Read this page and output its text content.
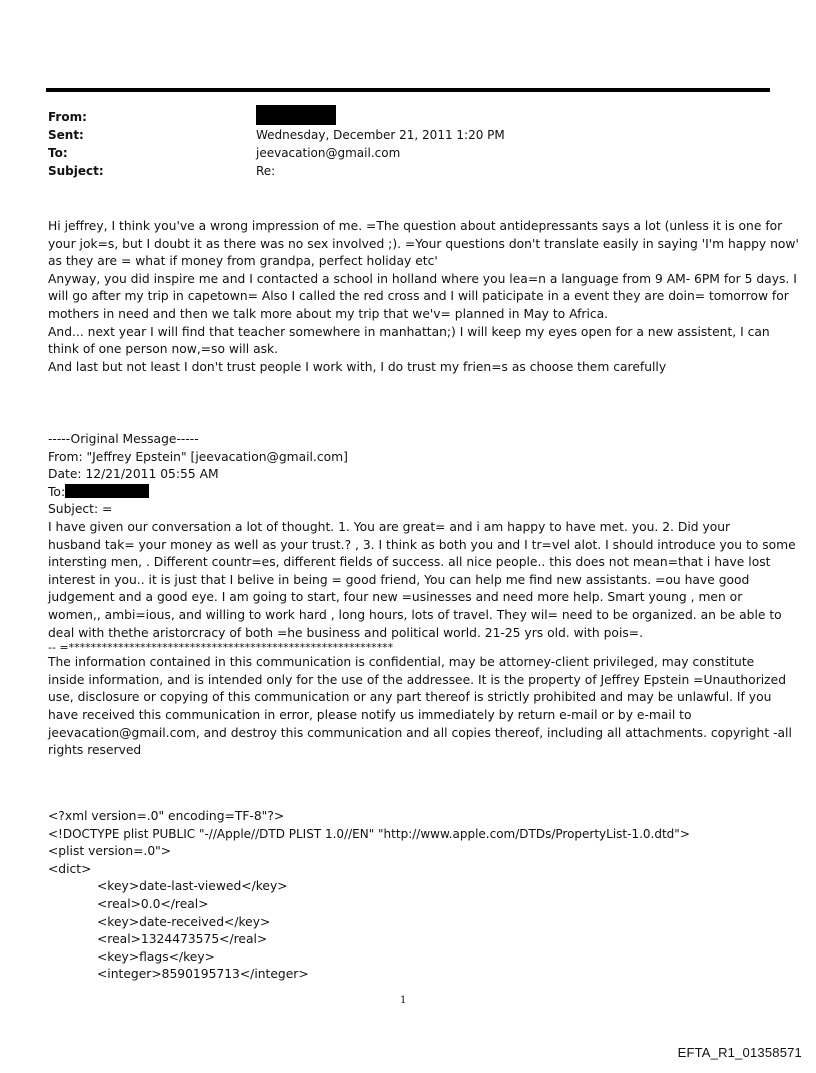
From:
Sent:	Wednesday, December 21, 2011 1:20 PM
To:	jeevacation@gmail.com
Subject:	Re:
Hi jeffrey, I think you've a wrong impression of me. =The question about antidepressants says a lot (unless it is one for
your jok=s, but I doubt it as there was no sex involved ;). =Your questions don't translate easily in saying 'I'm happy now'
as they are = what if money from grandpa, perfect holiday etc'
Anyway, you did inspire me and I contacted a school in holland where you lea=n a language from 9 AM- 6PM for 5 days. I
will go after my trip in capetown= Also I called the red cross and I will paticipate in a event they are doin= tomorrow for
mothers in need and then we talk more about my trip that we'v= planned in May to Africa.
And... next year I will find that teacher somewhere in manhattan;) I will keep my eyes open for a new assistent, I can
think of one person now,=so will ask.
And last but not least I don't trust people I work with, I do trust my frien=s as choose them carefully
-----Original Message-----
From: "Jeffrey Epstein" [jeevacation@gmail.com]
Date: 12/21/2011 05:55 AM
To:
Subject: =
I have given our conversation a lot of thought. 1. You are great= and i am happy to have met. you. 2. Did your
husband tak= your money as well as your trust.? , 3. I think as both you and I tr=vel alot. I should introduce you to some
intersting men, . Different countr=es, different fields of success. all nice people.. this does not mean=that i have lost
interest in you.. it is just that I belive in being = good friend, You can help me find new assistants. =ou have good
judgement and a good eye. I am going to start, four new =usinesses and need more help. Smart young , men or
women,, ambi=ious, and willing to work hard , long hours, lots of travel. They wil= need to be organized. an be able to
deal with thethe aristorcracy of both =he business and political world. 21-25 yrs old. with pois=.
-- =***********************************************************
The information contained in this communication is confidential, may be attorney-client privileged, may constitute
inside information, and is intended only for the use of the addressee. It is the property of Jeffrey Epstein =Unauthorized
use, disclosure or copying of this communication or any part thereof is strictly prohibited and may be unlawful. If you
have received this communication in error, please notify us immediately by return e-mail or by e-mail to
jeevacation@gmail.com, and destroy this communication and all copies thereof, including all attachments. copyright -all
rights reserved
<?xml version=.0" encoding=TF-8"?>
<!DOCTYPE plist PUBLIC "-//Apple//DTD PLIST 1.0//EN" "http://www.apple.com/DTDs/PropertyList-1.0.dtd">
<plist version=.0">
<dict>
<key>date-last-viewed</key>
<real>0.0</real>
<key>date-received</key>
<real>1324473575</real>
<key>flags</key>
<integer>8590195713</integer>
1
EFTA_R1_01358571
